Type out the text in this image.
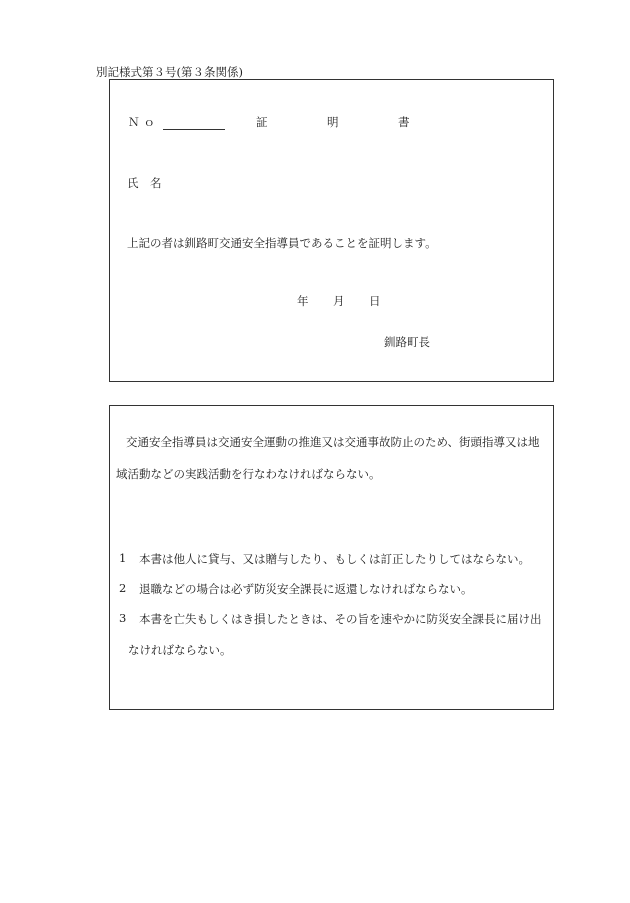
別記様式第３号(第３条関係)
Ｎｏ	証	明	書
氏　名
上記の者は釧路町交通安全指導員であることを証明します。
年 月 日
釧路町長
交通安全指導員は交通安全運動の推進又は交通事故防止のため、街頭指導又は地
域活動などの実践活動を行なわなければならない。
1 本書は他人に貸与、又は贈与したり、もしくは訂正したりしてはならない。
2 退職などの場合は必ず防災安全課長に返還しなければならない。
3 本書を亡失もしくはき損したときは、その旨を速やかに防災安全課長に届け出
なければならない。
